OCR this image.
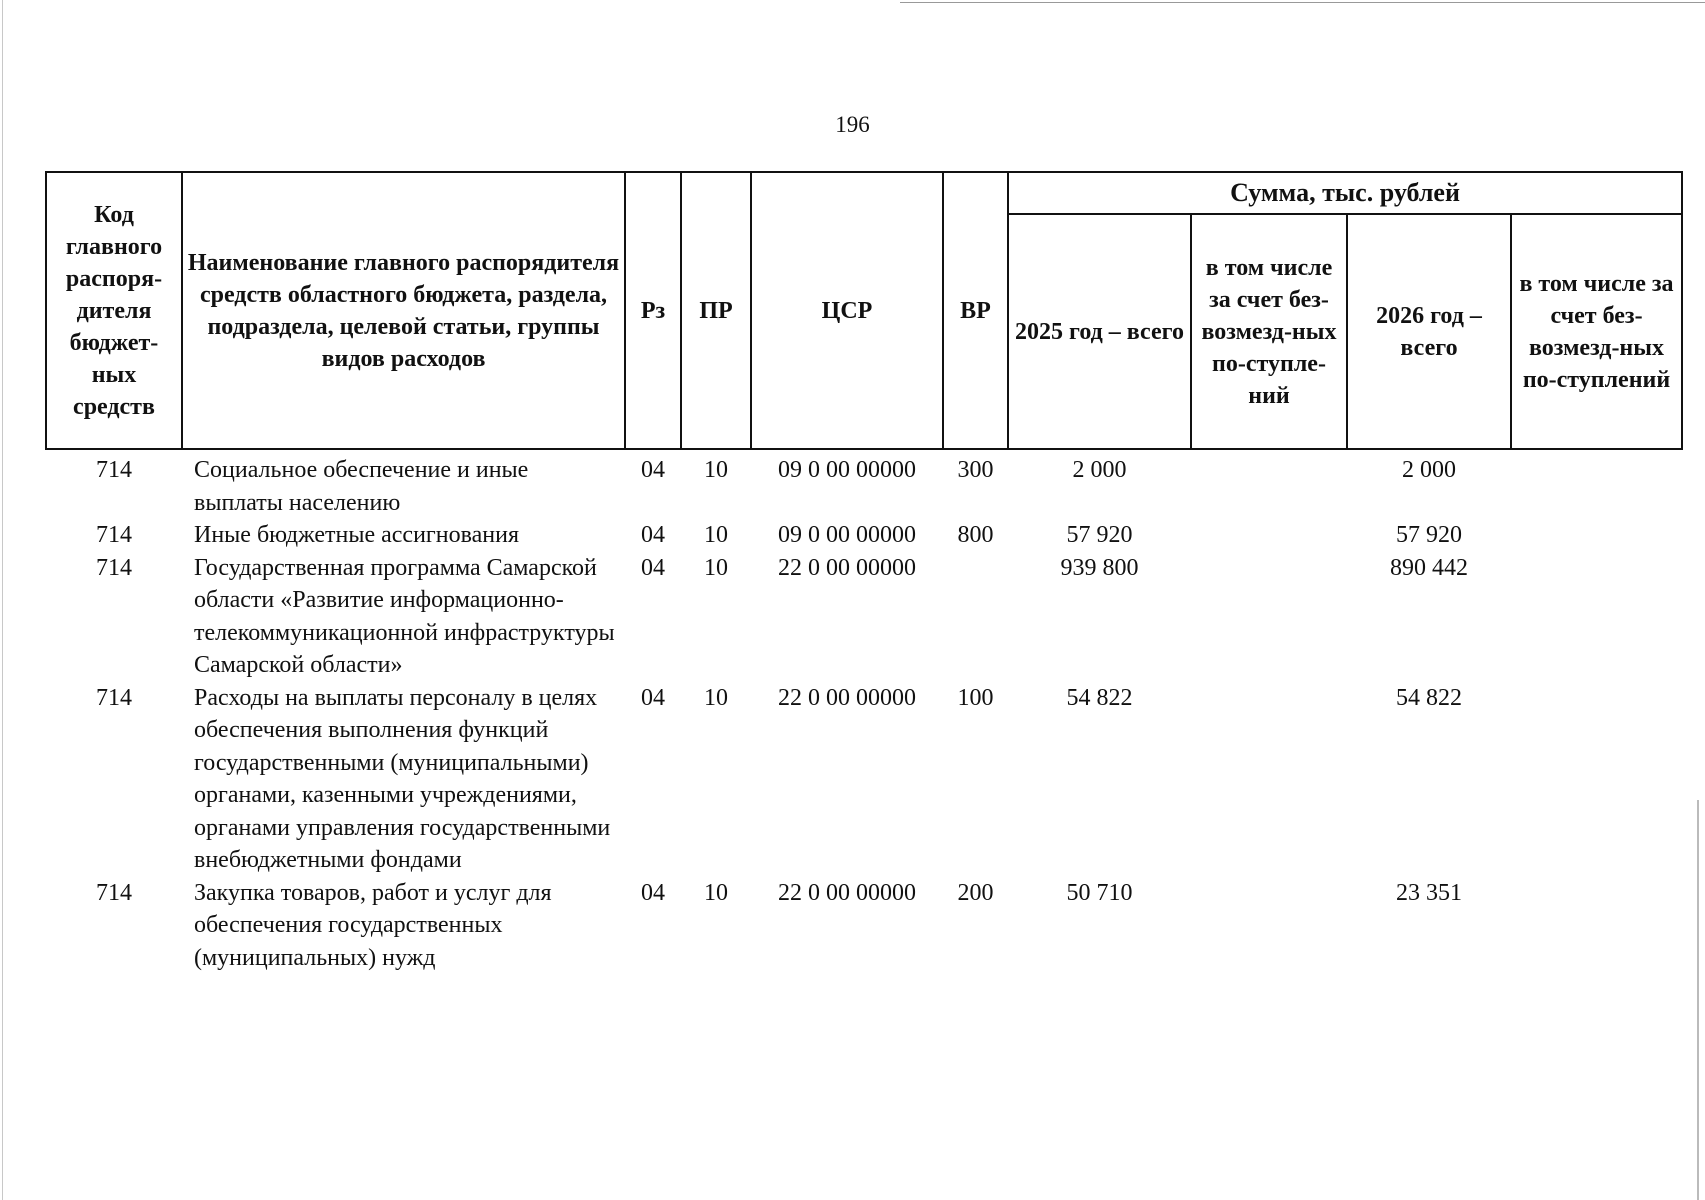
196
Код главного распоря-дителя бюджет-ных средств	Наименование главного распорядителя средств областного бюджета, раздела, подраздела, целевой статьи, группы видов расходов	Рз	ПР	ЦСР	ВР	Сумма, тыс. рублей			
						2025 год – всего	в том числе за счет без-возмезд-ных по-ступле-ний	2026 год – всего	в том числе за счет без-возмезд-ных по-ступлений
714	Социальное обеспечение и иные выплаты населению	04	10	09 0 00 00000	300	2 000		2 000	
714	Иные бюджетные ассигнования	04	10	09 0 00 00000	800	57 920		57 920	
714	Государственная программа Самарской области «Развитие информационно-телекоммуникационной инфраструктуры Самарской области»	04	10	22 0 00 00000		939 800		890 442	
714	Расходы на выплаты персоналу в целях обеспечения выполнения функций государственными (муниципальными) органами, казенными учреждениями, органами управления государственными внебюджетными фондами	04	10	22 0 00 00000	100	54 822		54 822	
714	Закупка товаров, работ и услуг для обеспечения государственных (муниципальных) нужд	04	10	22 0 00 00000	200	50 710		23 351	
